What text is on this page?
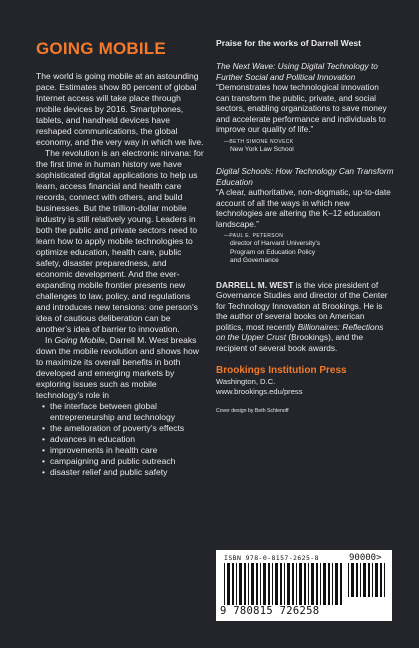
GOING MOBILE

The world is going mobile at an astounding pace. Estimates show 80 percent of global Internet access will take place through mobile devices by 2016. Smartphones, tablets, and handheld devices have reshaped communications, the global economy, and the very way in which we live.

The revolution is an electronic nirvana: for the first time in human history we have sophisticated digital applications to help us learn, access financial and health care records, connect with others, and build businesses. But the trillion-dollar mobile industry is still relatively young. Leaders in both the public and private sectors need to learn how to apply mobile technologies to optimize education, health care, public safety, disaster preparedness, and economic development. And the ever-expanding mobile frontier presents new challenges to law, policy, and regulations and introduces new tensions: one person’s idea of cautious deliberation can be another’s idea of barrier to innovation.

In Going Mobile, Darrell M. West breaks down the mobile revolution and shows how to maximize its overall benefits in both developed and emerging markets by exploring issues such as mobile technology’s role in

• the interface between global entrepreneurship and technology
• the amelioration of poverty’s effects
• advances in education
• improvements in health care
• campaigning and public outreach
• disaster relief and public safety

Praise for the works of Darrell West

The Next Wave: Using Digital Technology to Further Social and Political Innovation

“Demonstrates how technological innovation can transform the public, private, and social sectors, enabling organizations to save money and accelerate performance and individuals to improve our quality of life.”

—BETH SIMONE NOVECK

New York Law School

Digital Schools: How Technology Can Transform Education

“A clear, authoritative, non-dogmatic, up-to-date account of all the ways in which new technologies are altering the K–12 education landscape.”

—PAUL E. PETERSON

director of Harvard University’s

Program on Education Policy

and Governance

DARRELL M. WEST is the vice president of Governance Studies and director of the Center for Technology Innovation at Brookings. He is the author of several books on American politics, most recently Billionaires: Reflections on the Upper Crust (Brookings), and the recipient of several book awards.

Brookings Institution Press

Washington, D.C.

www.brookings.edu/press

Cover design by Beth Schlenoff

ISBN 978-0-8157-2625-8	90000>
9 780815 726258
